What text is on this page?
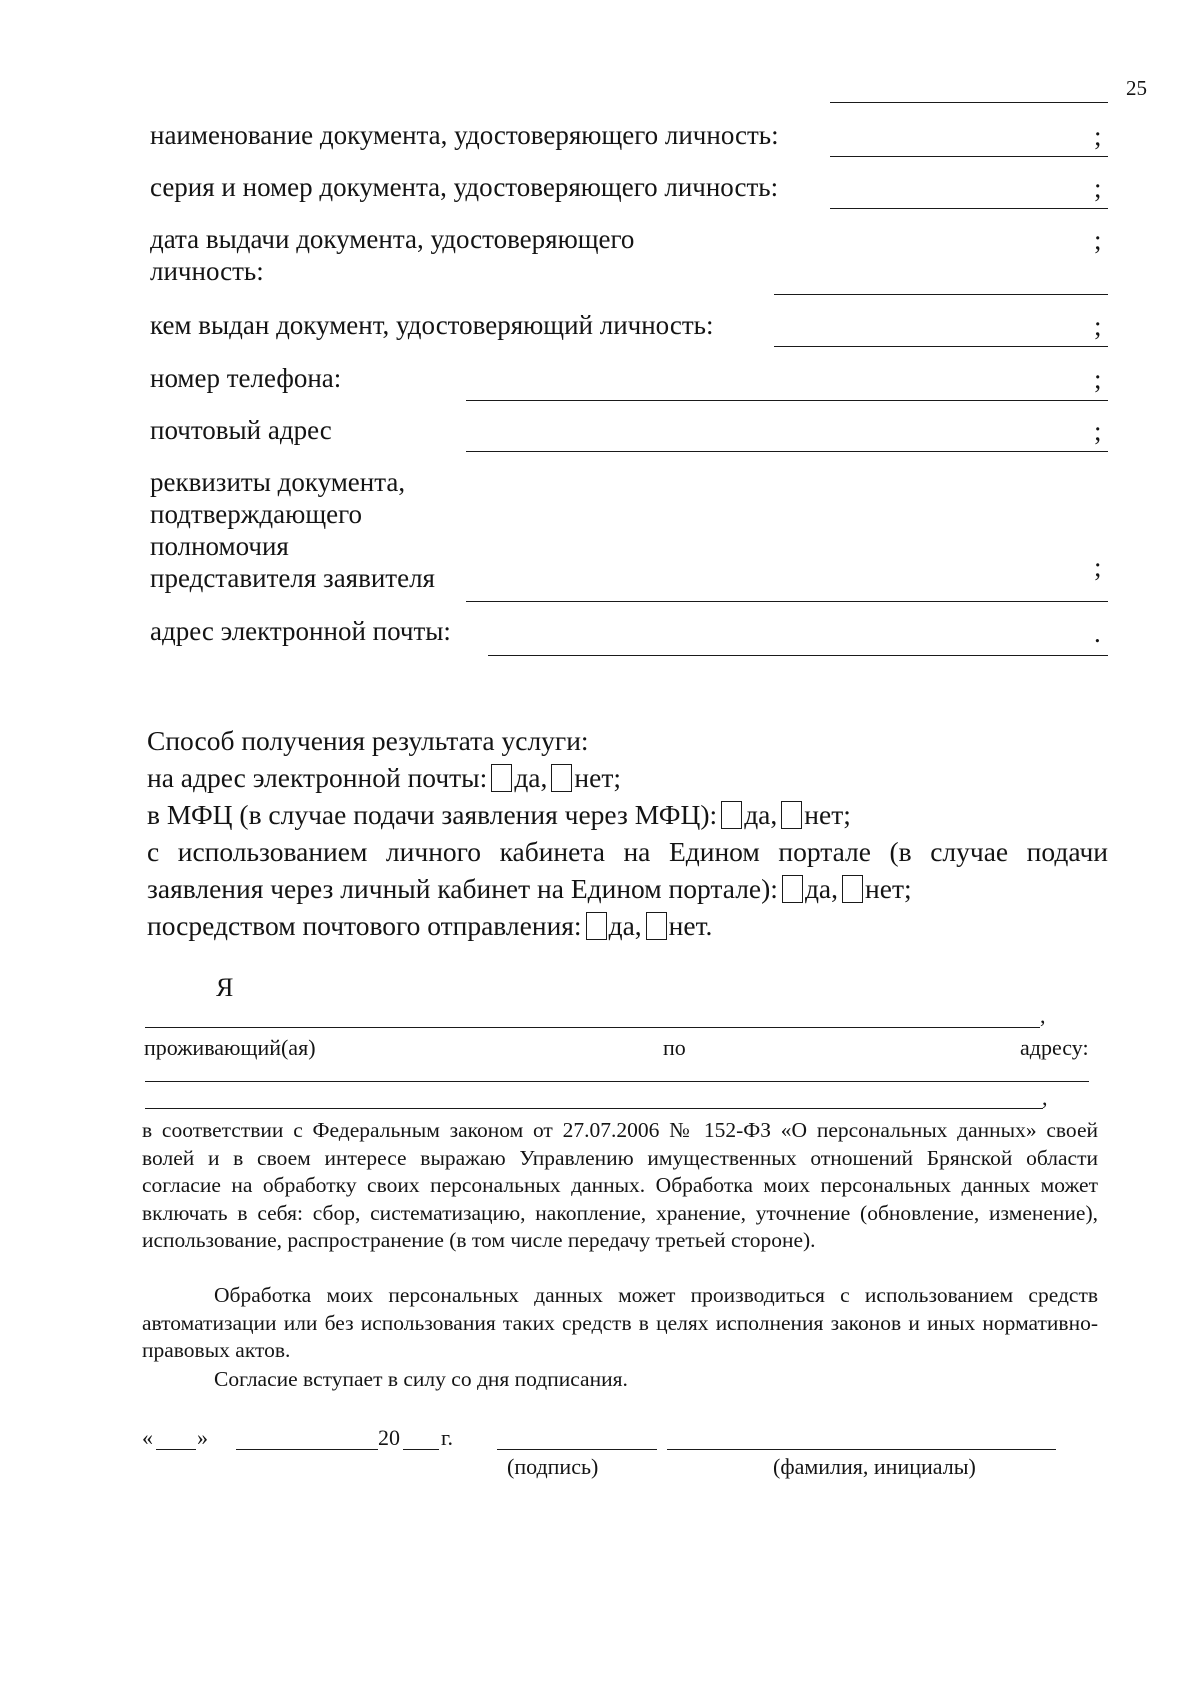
25
наименование документа, удостоверяющего личность:	;
серия и номер документа, удостоверяющего личность:	;
дата выдачи документа, удостоверяющего
личность:
;
кем выдан документ, удостоверяющий личность:	;
номер телефона:	;
почтовый адрес	;
реквизиты документа,
подтверждающего
полномочия
представителя заявителя	;
адрес электронной почты:	.
Способ получения результата услуги:
на адрес электронной почты: да, нет;
в МФЦ (в случае подачи заявления через МФЦ): да, нет;
с использованием личного кабинета на Едином портале (в случае подачи
заявления через личный кабинет на Едином портале): да, нет;
посредством почтового отправления: да, нет.
Я
,
проживающий(ая)	по	адресу:
,
в соответствии с Федеральным законом от 27.07.2006 № 152-ФЗ «О персональных данных» своей волей и в своем интересе выражаю Управлению имущественных отношений Брянской области согласие на обработку своих персональных данных. Обработка моих персональных данных может включать в себя: сбор, систематизацию, накопление, хранение, уточнение (обновление, изменение), использование, распространение (в том числе передачу третьей стороне).
Обработка моих персональных данных может производиться с использованием средств автоматизации или без использования таких средств в целях исполнения законов и иных нормативно-правовых актов.
Согласие вступает в силу со дня подписания.
« »	20 г.
(подпись)	(фамилия, инициалы)
